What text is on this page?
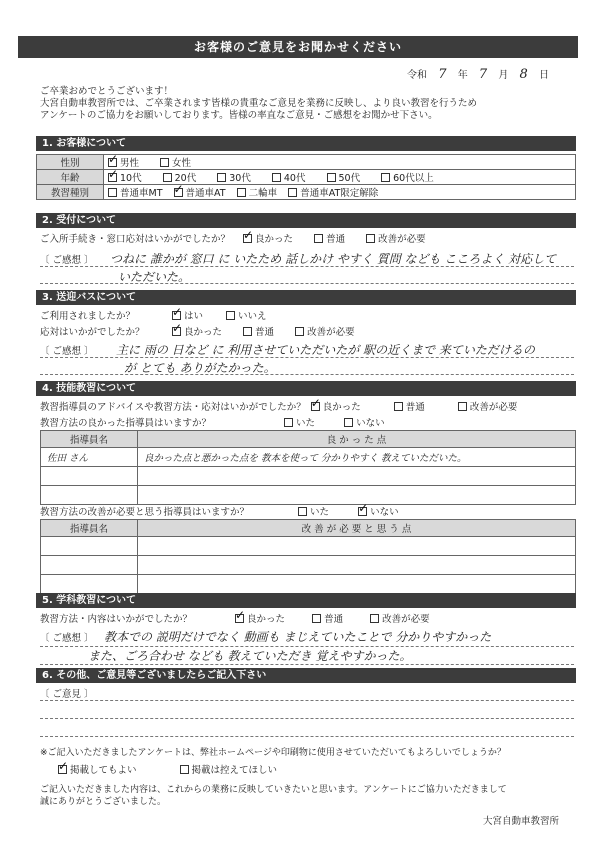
お客様のご意見をお聞かせください
令和 7 年 7 月 8 日
ご卒業おめでとうございます！
大宮自動車教習所では、ご卒業されます皆様の貴重なご意見を業務に反映し、より良い教習を行うため
アンケートのご協力をお願いしております。皆様の率直なご意見・ご感想をお聞かせ下さい。
1. お客様について
性別	✓男性 女性
年齢	✓10代 20代 30代 40代 50代 60代以上
教習種別	普通車MT ✓ 普通車AT 二輪車 普通車AT限定解除
2. 受付について
ご入所手続き・窓口応対はいかがでしたか？ ✓	良かった	普通	改善が必要
〔 ご感想 〕 つねに 誰かが 窓口 に いたため 話しかけ やすく 質問 なども こころよく 対応して
いただいた。
3. 送迎バスについて
ご利用されましたか？ ✓	はい	いいえ
応対はいかがでしたか？ ✓	良かった	普通	改善が必要
〔 ご感想 〕 主に 雨の 日など に 利用させていただいたが 駅の近くまで 来ていただけるの
が とても ありがたかった。
4. 技能教習について
教習指導員のアドバイスや教習方法・応対はいかがでしたか？ ✓ 良かった	普通	改善が必要
教習方法の良かった指導員はいますか？	いた	いない
指導員名	良 か っ た 点
佐田 さん	良かった点と悪かった点を 教本を使って 分かりやすく 教えていただいた。

教習方法の改善が必要と思う指導員はいますか？	いた ✓	いない
指導員名	改 善 が 必 要 と 思 う 点

5. 学科教習について
教習方法・内容はいかがでしたか？ ✓	良かった	普通	改善が必要
〔 ご感想 〕 教本での 説明だけでなく 動画も まじえていたことで 分かりやすかった
また、ごろ合わせ なども 教えていただき 覚えやすかった。
6. その他、ご意見等ございましたらご記入下さい
〔 ご意見 〕
※ご記入いただきましたアンケートは、弊社ホームページや印刷物に使用させていただいてもよろしいでしょうか？
✓掲載してもよい	掲載は控えてほしい
ご記入いただきました内容は、これからの業務に反映していきたいと思います。アンケートにご協力いただきまして
誠にありがとうございました。
大宮自動車教習所
